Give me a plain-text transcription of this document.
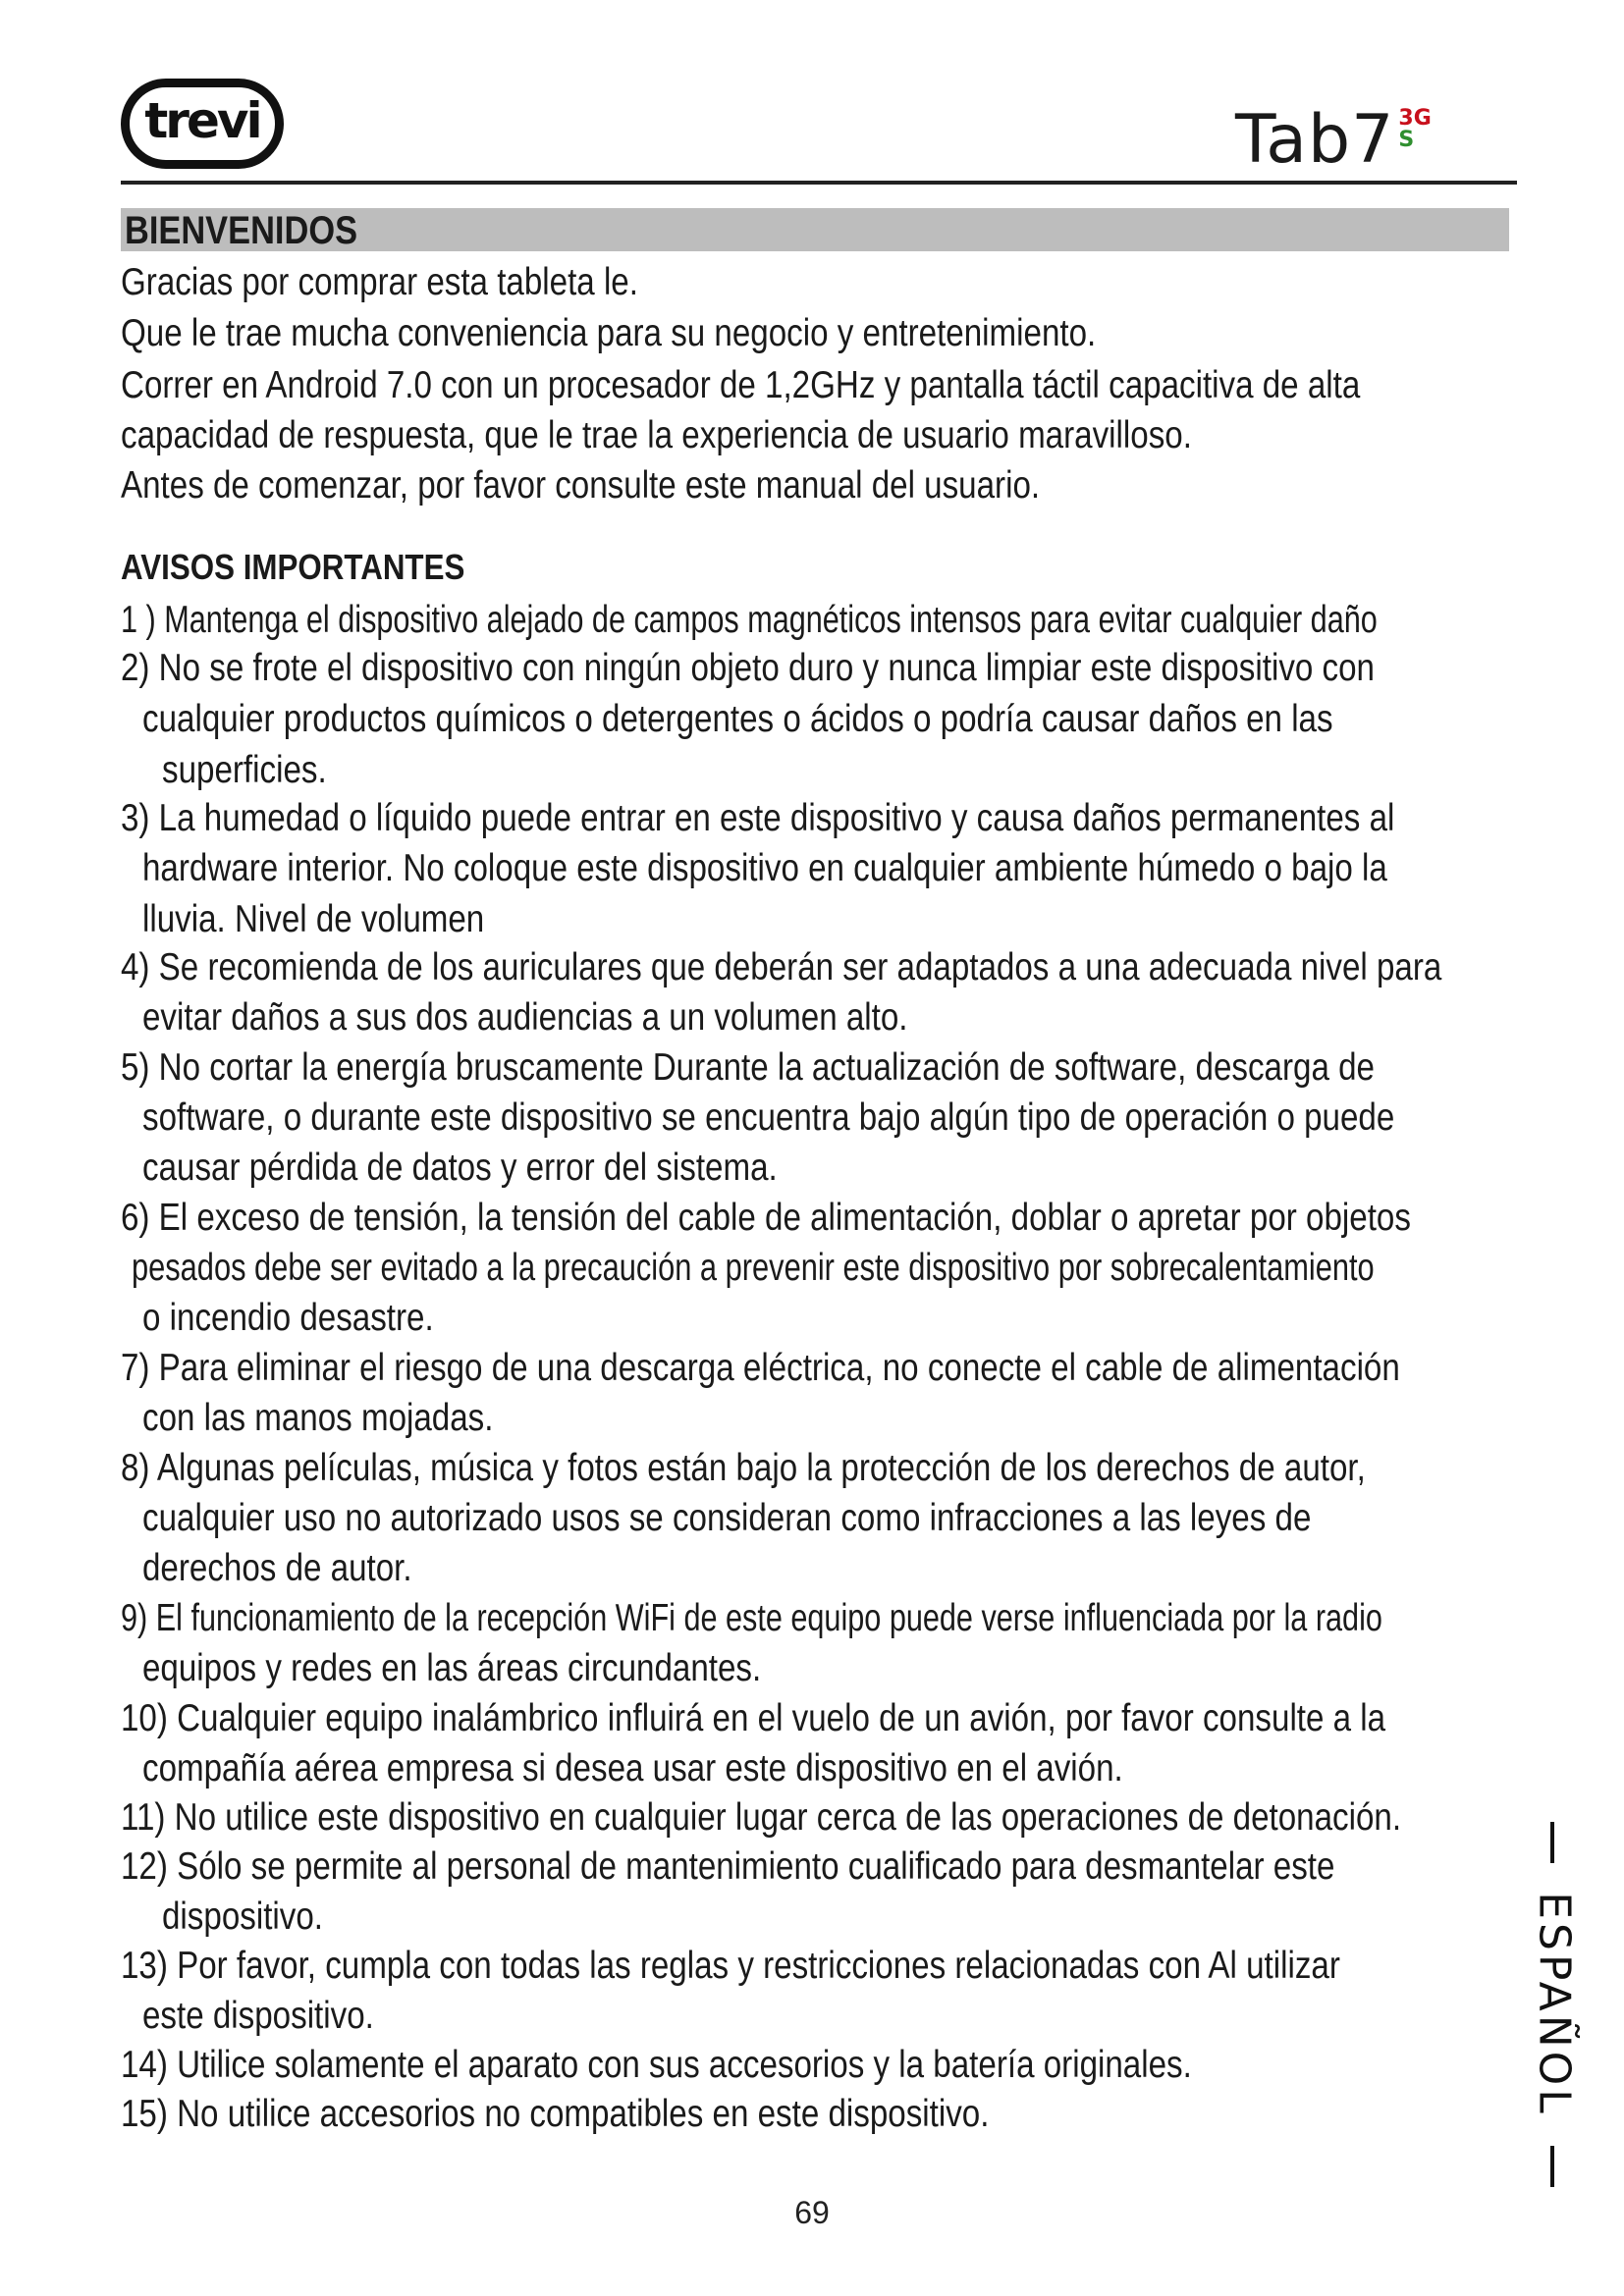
trevi	Tab7 3G
S
BIENVENIDOS
Gracias por comprar esta tableta le.
Que le trae mucha conveniencia para su negocio y entretenimiento.
Correr en Android 7.0 con un procesador de 1,2GHz y pantalla táctil capacitiva de alta
capacidad de respuesta, que le trae la experiencia de usuario maravilloso.
Antes de comenzar, por favor consulte este manual del usuario.
AVISOS IMPORTANTES
1 ) Mantenga el dispositivo alejado de campos magnéticos intensos para evitar cualquier daño
2) No se frote el dispositivo con ningún objeto duro y nunca limpiar este dispositivo con
cualquier productos químicos o detergentes o ácidos o podría causar daños en las
superficies.
3) La humedad o líquido puede entrar en este dispositivo y causa daños permanentes al
hardware interior. No coloque este dispositivo en cualquier ambiente húmedo o bajo la
lluvia. Nivel de volumen
4) Se recomienda de los auriculares que deberán ser adaptados a una adecuada nivel para
evitar daños a sus dos audiencias a un volumen alto.
5) No cortar la energía bruscamente Durante la actualización de software, descarga de
software, o durante este dispositivo se encuentra bajo algún tipo de operación o puede
causar pérdida de datos y error del sistema.
6) El exceso de tensión, la tensión del cable de alimentación, doblar o apretar por objetos
pesados debe ser evitado a la precaución a prevenir este dispositivo por sobrecalentamiento
o incendio desastre.
7) Para eliminar el riesgo de una descarga eléctrica, no conecte el cable de alimentación
con las manos mojadas.
8) Algunas películas, música y fotos están bajo la protección de los derechos de autor,
cualquier uso no autorizado usos se consideran como infracciones a las leyes de
derechos de autor.
9) El funcionamiento de la recepción WiFi de este equipo puede verse influenciada por la radio
equipos y redes en las áreas circundantes.
10) Cualquier equipo inalámbrico influirá en el vuelo de un avión, por favor consulte a la
compañía aérea empresa si desea usar este dispositivo en el avión.
11) No utilice este dispositivo en cualquier lugar cerca de las operaciones de detonación.
12) Sólo se permite al personal de mantenimiento cualificado para desmantelar este
dispositivo.
13) Por favor, cumpla con todas las reglas y restricciones relacionadas con Al utilizar
este dispositivo.
14) Utilice solamente el aparato con sus accesorios y la batería originales.
15) No utilice accesorios no compatibles en este dispositivo.	ESPAÑOL
69
